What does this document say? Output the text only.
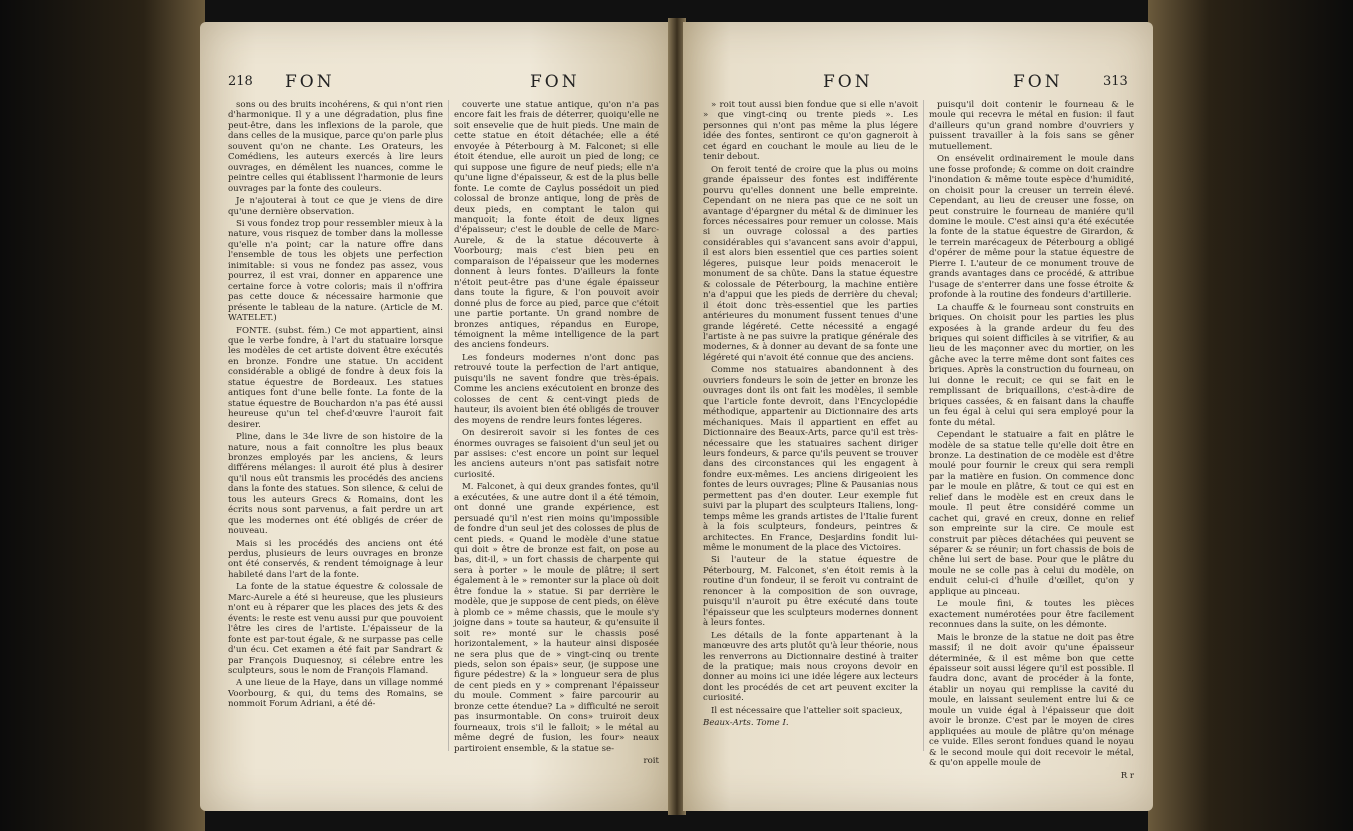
218 FON	FON

sons ou des bruits incohérens, & qui n'ont rien d'harmonique. Il y a une dégradation, plus fine peut-être, dans les inflexions de la parole, que dans celles de la musique, parce qu'on parle plus souvent qu'on ne chante. Les Orateurs, les Comédiens, les auteurs exercés à lire leurs ouvrages, en démêlent les nuances, comme le peintre celles qui établissent l'harmonie de leurs ouvrages par la fonte des couleurs.

Je n'ajouterai à tout ce que je viens de dire qu'une dernière observation.

Si vous fondez trop pour ressembler mieux à la nature, vous risquez de tomber dans la mollesse qu'elle n'a point; car la nature offre dans l'ensemble de tous les objets une perfection inimitable: si vous ne fondez pas assez, vous pourrez, il est vrai, donner en apparence une certaine force à votre coloris; mais il n'offrira pas cette douce & nécessaire harmonie que présente le tableau de la nature. (Article de M. WATELET.)

FONTE. (subst. fém.) Ce mot appartient, ainsi que le verbe fondre, à l'art du statuaire lorsque les modèles de cet artiste doivent être exécutés en bronze. Fondre une statue. Un accident considérable a obligé de fondre à deux fois la statue équestre de Bordeaux. Les statues antiques font d'une belle fonte. La fonte de la statue équestre de Bouchardon n'a pas été aussi heureuse qu'un tel chef-d'œuvre l'auroit fait desirer.

Pline, dans le 34e livre de son histoire de la nature, nous a fait connoître les plus beaux bronzes employés par les anciens, & leurs différens mélanges: il auroit été plus à desirer qu'il nous eût transmis les procédés des anciens dans la fonte des statues. Son silence, & celui de tous les auteurs Grecs & Romains, dont les écrits nous sont parvenus, a fait perdre un art que les modernes ont été obligés de créer de nouveau.

Mais si les procédés des anciens ont été perdus, plusieurs de leurs ouvrages en bronze ont été conservés, & rendent témoignage à leur habileté dans l'art de la fonte.

La fonte de la statue équestre & colossale de Marc-Aurele a été si heureuse, que les plusieurs n'ont eu à réparer que les places des jets & des évents: le reste est venu aussi pur que pouvoient l'être les cires de l'artiste. L'épaisseur de la fonte est par-tout égale, & ne surpasse pas celle d'un écu. Cet examen a été fait par Sandrart & par François Duquesnoy, si célebre entre les sculpteurs, sous le nom de François Flamand.

A une lieue de la Haye, dans un village nommé Voorbourg, & qui, du tems des Romains, se nommoit Forum Adriani, a été dé-

couverte une statue antique, qu'on n'a pas encore fait les frais de déterrer, quoiqu'elle ne soit ensevelie que de huit pieds. Une main de cette statue en étoit détachée; elle a été envoyée à Péterbourg à M. Falconet; si elle étoit étendue, elle auroit un pied de long; ce qui suppose une figure de neuf pieds; elle n'a qu'une ligne d'épaisseur, & est de la plus belle fonte. Le comte de Caylus possédoit un pied colossal de bronze antique, long de près de deux pieds, en comptant le talon qui manquoit; la fonte étoit de deux lignes d'épaisseur; c'est le double de celle de Marc-Aurele, & de la statue découverte à Voorbourg; mais c'est bien peu en comparaison de l'épaisseur que les modernes donnent à leurs fontes. D'ailleurs la fonte n'étoit peut-être pas d'une égale épaisseur dans toute la figure, & l'on pouvoit avoir donné plus de force au pied, parce que c'étoit une partie portante. Un grand nombre de bronzes antiques, répandus en Europe, témoignent la même intelligence de la part des anciens fondeurs.

Les fondeurs modernes n'ont donc pas retrouvé toute la perfection de l'art antique, puisqu'ils ne savent fondre que très-épais. Comme les anciens exécutoient en bronze des colosses de cent & cent-vingt pieds de hauteur, ils avoient bien été obligés de trouver des moyens de rendre leurs fontes légeres.

On desireroit savoir si les fontes de ces énormes ouvrages se faisoient d'un seul jet ou par assises: c'est encore un point sur lequel les anciens auteurs n'ont pas satisfait notre curiosité.

M. Falconet, à qui deux grandes fontes, qu'il a exécutées, & une autre dont il a été témoin, ont donné une grande expérience, est persuadé qu'il n'est rien moins qu'impossible de fondre d'un seul jet des colosses de plus de cent pieds. « Quand le modèle d'une statue qui doit » être de bronze est fait, on pose au bas, dit-il, » un fort chassis de charpente qui sera à porter » le moule de plâtre; il sert également à le » remonter sur la place où doit être fondue la » statue. Si par derrière le modèle, que je suppose de cent pieds, on élève à plomb ce » même chassis, que le moule s'y joigne dans » toute sa hauteur, & qu'ensuite il soit re» monté sur le chassis posé horizontalement, » la hauteur ainsi disposée ne sera plus que de » vingt-cinq ou trente pieds, selon son épais» seur, (je suppose une figure pédestre) & la » longueur sera de plus de cent pieds en y » comprenant l'épaisseur du moule. Comment » faire parcourir au bronze cette étendue? La » difficulté ne seroit pas insurmontable. On cons» truiroit deux fourneaux, trois s'il le falloit; » le métal au même degré de fusion, les four» neaux partiroient ensemble, & la statue se-

roit

FON	FON	313

» roit tout aussi bien fondue que si elle n'avoit » que vingt-cinq ou trente pieds ». Les personnes qui n'ont pas même la plus légere idée des fontes, sentiront ce qu'on gagneroit à cet égard en couchant le moule au lieu de le tenir debout.

On feroit tenté de croire que la plus ou moins grande épaisseur des fontes est indifférente pourvu qu'elles donnent une belle empreinte. Cependant on ne niera pas que ce ne soit un avantage d'épargner du métal & de diminuer les forces nécessaires pour remuer un colosse. Mais si un ouvrage colossal a des parties considérables qui s'avancent sans avoir d'appui, il est alors bien essentiel que ces parties soient légeres, puisque leur poids menaceroit le monument de sa chûte. Dans la statue équestre & colossale de Péterbourg, la machine entière n'a d'appui que les pieds de derrière du cheval; il étoit donc très-essentiel que les parties antérieures du monument fussent tenues d'une grande légéreté. Cette nécessité a engagé l'artiste à ne pas suivre la pratique générale des modernes, & à donner au devant de sa fonte une légéreté qui n'avoit été connue que des anciens.

Comme nos statuaires abandonnent à des ouvriers fondeurs le soin de jetter en bronze les ouvrages dont ils ont fait les modèles, il semble que l'article fonte devroit, dans l'Encyclopédie méthodique, appartenir au Dictionnaire des arts méchaniques. Mais il appartient en effet au Dictionnaire des Beaux-Arts, parce qu'il est très-nécessaire que les statuaires sachent diriger leurs fondeurs, & parce qu'ils peuvent se trouver dans des circonstances qui les engagent à fondre eux-mêmes. Les anciens dirigeoient les fontes de leurs ouvrages; Pline & Pausanias nous permettent pas d'en douter. Leur exemple fut suivi par la plupart des sculpteurs Italiens, long-temps même les grands artistes de l'Italie furent à la fois sculpteurs, fondeurs, peintres & architectes. En France, Desjardins fondit lui-même le monument de la place des Victoires.

Si l'auteur de la statue équestre de Péterbourg, M. Falconet, s'en étoit remis à la routine d'un fondeur, il se feroit vu contraint de renoncer à la composition de son ouvrage, puisqu'il n'auroit pu être exécuté dans toute l'épaisseur que les sculpteurs modernes donnent à leurs fontes.

Les détails de la fonte appartenant à la manœuvre des arts plutôt qu'à leur théorie, nous les renverrons au Dictionnaire destiné à traiter de la pratique; mais nous croyons devoir en donner au moins ici une idée légere aux lecteurs dont les procédés de cet art peuvent exciter la curiosité.

Il est nécessaire que l'attelier soit spacieux,

Beaux-Arts. Tome I.

puisqu'il doit contenir le fourneau & le moule qui recevra le métal en fusion: il faut d'ailleurs qu'un grand nombre d'ouvriers y puissent travailler à la fois sans se gêner mutuellement.

On ensévelit ordinairement le moule dans une fosse profonde; & comme on doit craindre l'inondation & même toute espèce d'humidité, on choisit pour la creuser un terrein élevé. Cependant, au lieu de creuser une fosse, on peut construire le fourneau de maniére qu'il domine le moule. C'est ainsi qu'a été exécutée la fonte de la statue équestre de Girardon, & le terrein marécageux de Péterbourg a obligé d'opérer de même pour la statue équestre de Pierre I. L'auteur de ce monument trouve de grands avantages dans ce procédé, & attribue l'usage de s'enterrer dans une fosse étroite & profonde à la routine des fondeurs d'artillerie.

La chauffe & le fourneau sont construits en briques. On choisit pour les parties les plus exposées à la grande ardeur du feu des briques qui soient difficiles à se vitrifier, & au lieu de les maçonner avec du mortier, on les gâche avec la terre même dont sont faites ces briques. Après la construction du fourneau, on lui donne le recuit; ce qui se fait en le remplissant de briquaillons, c'est-à-dire de briques cassées, & en faisant dans la chauffe un feu égal à celui qui sera employé pour la fonte du métal.

Cependant le statuaire a fait en plâtre le modèle de sa statue telle qu'elle doit être en bronze. La destination de ce modèle est d'être moulé pour fournir le creux qui sera rempli par la matière en fusion. On commence donc par le moule en plâtre, & tout ce qui est en relief dans le modèle est en creux dans le moule. Il peut être considéré comme un cachet qui, gravé en creux, donne en relief son empreinte sur la cire. Ce moule est construit par pièces détachées qui peuvent se séparer & se réunir; un fort chassis de bois de chêne lui sert de base. Pour que le plâtre du moule ne se colle pas à celui du modèle, on enduit celui-ci d'huile d'œillet, qu'on y applique au pinceau.

Le moule fini, & toutes les pièces exactement numérotées pour être facilement reconnues dans la suite, on les démonte.

Mais le bronze de la statue ne doit pas être massif; il ne doit avoir qu'une épaisseur déterminée, & il est même bon que cette épaisseur soit aussi légere qu'il est possible. Il faudra donc, avant de procéder à la fonte, établir un noyau qui remplisse la cavité du moule, en laissant seulement entre lui & ce moule un vuide égal à l'épaisseur que doit avoir le bronze. C'est par le moyen de cires appliquées au moule de plâtre qu'on ménage ce vuide. Elles seront fondues quand le noyau & le second moule qui doit recevoir le métal, & qu'on appelle moule de

R r
